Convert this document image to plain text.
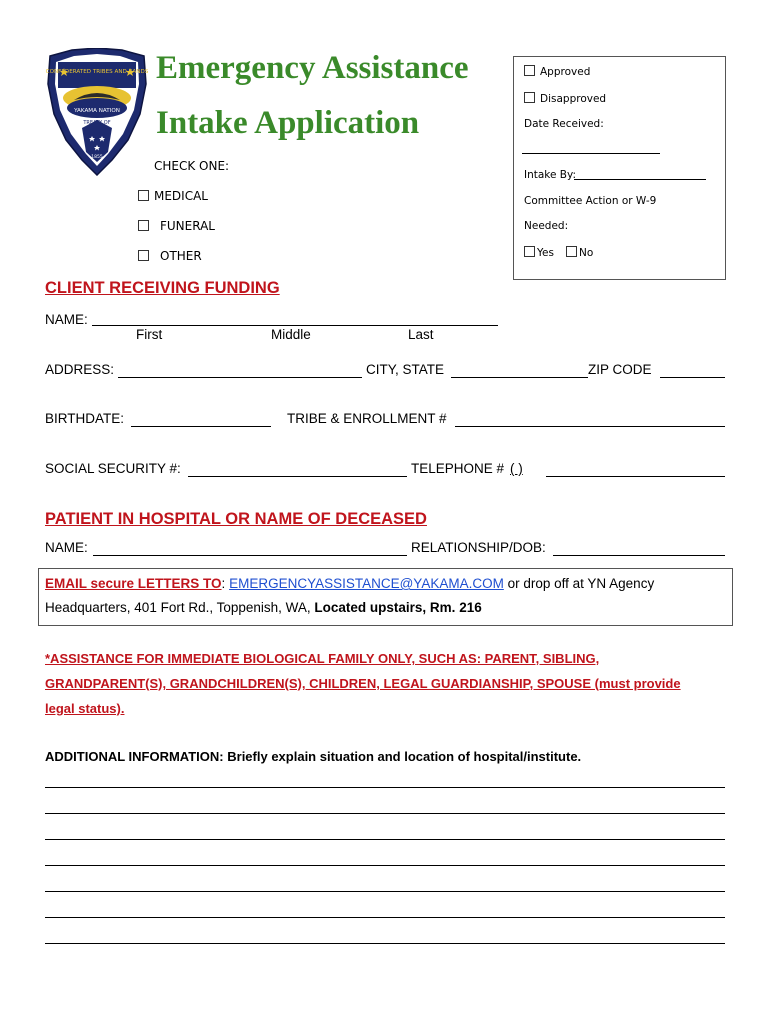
CONFEDERATED TRIBES AND BANDS
YAKAMA NATION
TREATY OF
1855
Emergency Assistance
Intake Application
CHECK ONE:
MEDICAL
FUNERAL
OTHER
Approved
Disapproved
Date Received:
Intake By:
Committee Action or W-9
Needed:
Yes	No
CLIENT RECEIVING FUNDING
NAME:
First	Middle	Last
ADDRESS:	CITY, STATE	ZIP CODE
BIRTHDATE:	TRIBE & ENROLLMENT #
SOCIAL SECURITY #:	TELEPHONE # ( )
PATIENT IN HOSPITAL OR NAME OF DECEASED
NAME:	RELATIONSHIP/DOB:
EMAIL secure LETTERS TO: EMERGENCYASSISTANCE@YAKAMA.COM or drop off at YN Agency
Headquarters, 401 Fort Rd., Toppenish, WA, Located upstairs, Rm. 216
*ASSISTANCE FOR IMMEDIATE BIOLOGICAL FAMILY ONLY, SUCH AS: PARENT, SIBLING,
GRANDPARENT(S), GRANDCHILDREN(S), CHILDREN, LEGAL GUARDIANSHIP, SPOUSE (must provide
legal status).
ADDITIONAL INFORMATION: Briefly explain situation and location of hospital/institute.
